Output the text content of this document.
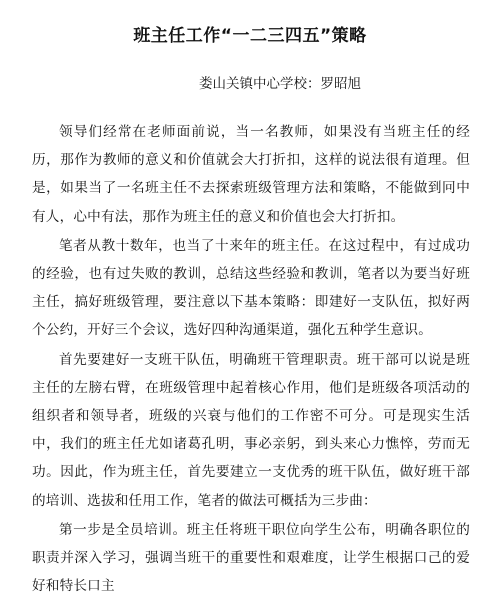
班主任工作“一二三四五”策略
娄山关镇中心学校：罗昭旭

领导们经常在老师面前说，当一名教师，如果没有当班主任的经历，那作为教师的意义和价值就会大打折扣，这样的说法很有道理。但是，如果当了一名班主任不去探索班级管理方法和策略，不能做到冋中有人，心中有法，那作为班主任的意义和价值也会大打折扣。

笔者从教十数年，也当了十来年的班主任。在这过程中，有过成功的经验，也有过失败的教训，总结这些经验和教训，笔者以为要当好班主任，搞好班级管理，要注意以下基本策略：即建好一支队伍，拟好两个公约，开好三个会议，选好四种沟通渠道，强化五种学生意识。

首先要建好一支班干队伍，明确班干管理职责。班干部可以说是班主任的左膀右臂，在班级管理中起着核心作用，他们是班级各项活动的组织者和领导者，班级的兴衰与他们的工作密不可分。可是现实生活中，我们的班主任尤如诸葛孔明，事必亲躬，到头来心力憔悴，劳而无功。因此，作为班主任，首先要建立一支优秀的班干队伍，做好班干部的培训、选拔和任用工作，笔者的做法可概括为三步曲：

第一步是全员培训。班主任将班干职位向学生公布，明确各职位的职责并深入学习，强调当班干的重要性和艰难度，让学生根据口己的爱好和特长口主
